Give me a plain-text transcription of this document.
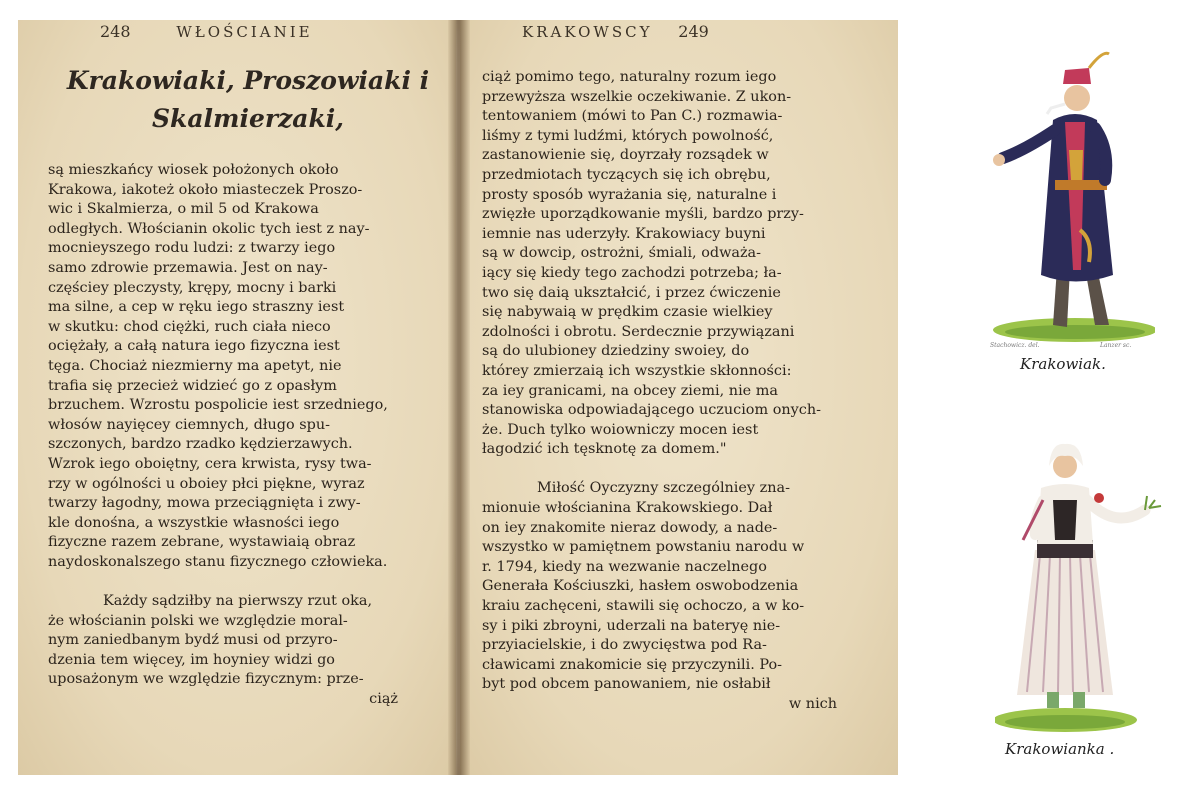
248	WŁOŚCIANIE
Krakowiaki, Proszowiaki i
Skalmierzaki,
są mieszkańcy wiosek położonych około
Krakowa, iakoteż około miasteczek Proszo-
wic i Skalmierza, o mil 5 od Krakowa
odległych. Włościanin okolic tych iest z nay-
mocnieyszego rodu ludzi: z twarzy iego
samo zdrowie przemawia. Jest on nay-
częściey pleczysty, krępy, mocny i barki
ma silne, a cep w ręku iego straszny iest
w skutku: chod ciężki, ruch ciała nieco
ociężały, a całą natura iego fizyczna iest
tęga. Chociaż niezmierny ma apetyt, nie
trafia się przecież widzieć go z opasłym
brzuchem. Wzrostu pospolicie iest srzedniego,
włosów nayięcey ciemnych, długo spu-
szczonych, bardzo rzadko kędzierzawych.
Wzrok iego oboiętny, cera krwista, rysy twa-
rzy w ogólności u oboiey płci piękne, wyraz
twarzy łagodny, mowa przeciągnięta i zwy-
kle donośna, a wszystkie własności iego
fizyczne razem zebrane, wystawiaią obraz
naydoskonalszego stanu fizycznego człowieka.
Każdy sądziłby na pierwszy rzut oka,
że włościanin polski we względzie moral-
nym zaniedbanym bydź musi od przyro-
dzenia tem więcey, im hoyniey widzi go
uposażonym we względzie fizycznym: prze-
ciąż
KRAKOWSCY 249
ciąż pomimo tego, naturalny rozum iego
przewyższa wszelkie oczekiwanie. Z ukon-
tentowaniem (mówi to Pan C.) rozmawia-
liśmy z tymi ludźmi, których powolność,
zastanowienie się, doyrzały rozsądek w
przedmiotach tyczących się ich obrębu,
prosty sposób wyrażania się, naturalne i
zwięzłe uporządkowanie myśli, bardzo przy-
iemnie nas uderzyły. Krakowiacy buyni
są w dowcip, ostrożni, śmiali, odważa-
iący się kiedy tego zachodzi potrzeba; ła-
two się daią ukształcić, i przez ćwiczenie
się nabywaią w prędkim czasie wielkiey
zdolności i obrotu. Serdecznie przywiązani
są do ulubioney dziedziny swoiey, do
którey zmierzaią ich wszystkie skłonności:
za iey granicami, na obcey ziemi, nie ma
stanowiska odpowiadającego uczuciom onych-
że. Duch tylko woiowniczy mocen iest
łagodzić ich tęsknotę za domem."
Miłość Oyczyzny szczególniey zna-
mionuie włościanina Krakowskiego. Dał
on iey znakomite nieraz dowody, a nade-
wszystko w pamiętnem powstaniu narodu w
r. 1794, kiedy na wezwanie naczelnego
Generała Kościuszki, hasłem oswobodzenia
kraiu zachęceni, stawili się ochoczo, a w ko-
sy i piki zbroyni, uderzali na bateryę nie-
przyiacielskie, i do zwycięstwa pod Ra-
cławicami znakomicie się przyczynili. Po-
byt pod obcem panowaniem, nie osłabił
w nich
Stachowicz. del.	Lanzer sc.
Krakowiak.
Krakowianka .
